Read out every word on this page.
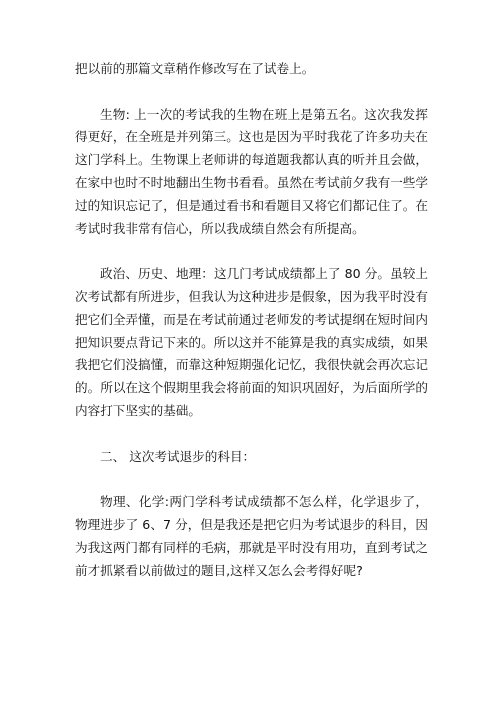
把以前的那篇文章稍作修改写在了试卷上。

生物: 上一次的考试我的生物在班上是第五名。这次我发挥得更好，在全班是并列第三。这也是因为平时我花了许多功夫在这门学科上。生物课上老师讲的每道题我都认真的听并且会做，在家中也时不时地翻出生物书看看。虽然在考试前夕我有一些学过的知识忘记了，但是通过看书和看题目又将它们都记住了。在考试时我非常有信心，所以我成绩自然会有所提高。

政治、历史、地理：这几门考试成绩都上了 80 分。虽较上次考试都有所进步，但我认为这种进步是假象，因为我平时没有把它们全弄懂，而是在考试前通过老师发的考试提纲在短时间内把知识要点背记下来的。所以这并不能算是我的真实成绩，如果我把它们没搞懂，而靠这种短期强化记忆，我很快就会再次忘记的。所以在这个假期里我会将前面的知识巩固好，为后面所学的内容打下坚实的基础。

二、 这次考试退步的科目：

物理、化学:两门学科考试成绩都不怎么样，化学退步了，物理进步了 6、7 分，但是我还是把它归为考试退步的科目，因为我这两门都有同样的毛病，那就是平时没有用功，直到考试之前才抓紧看以前做过的题目,这样又怎么会考得好呢?
